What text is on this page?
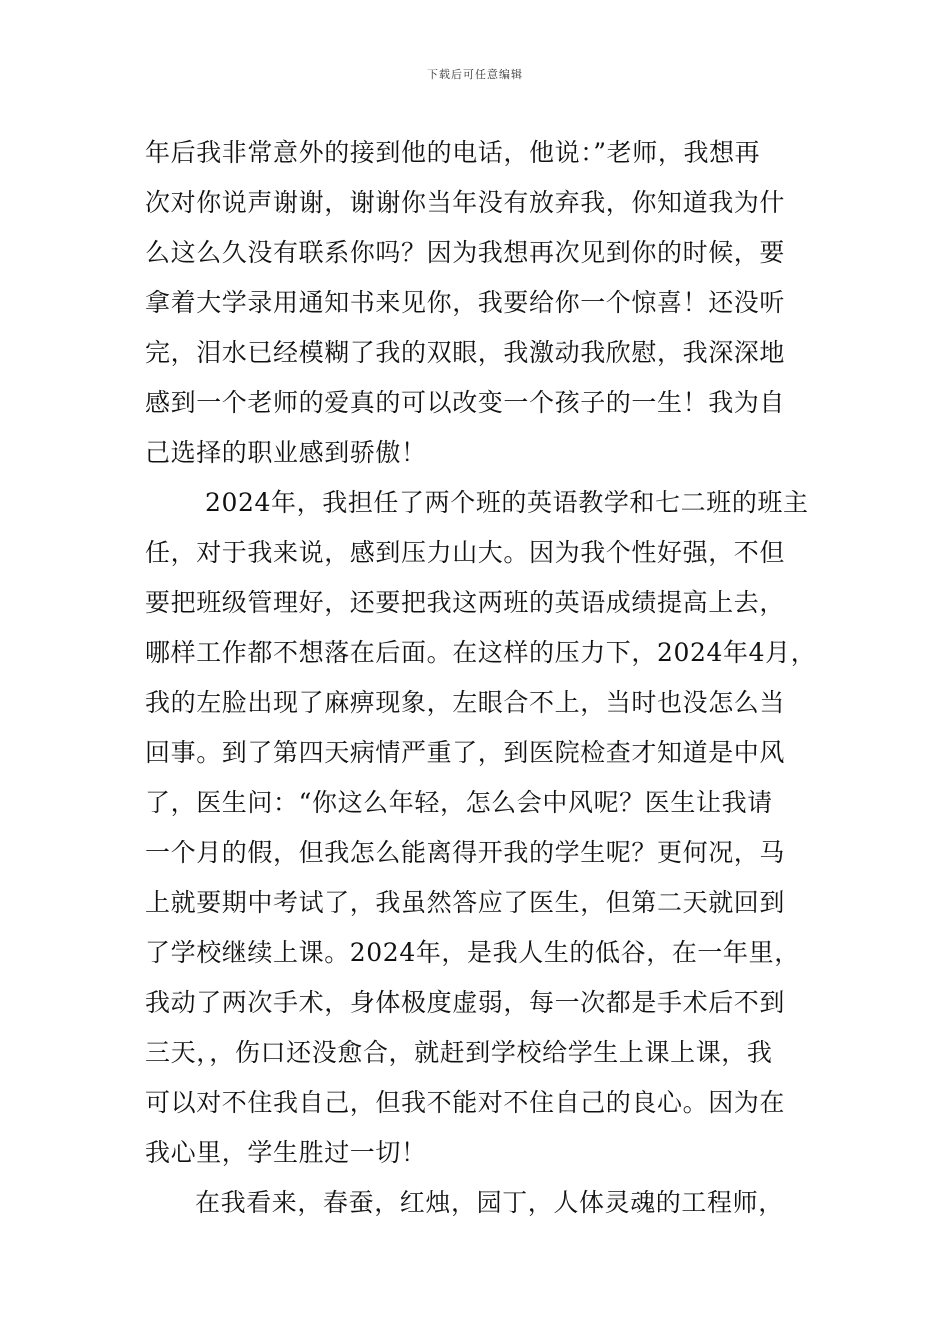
下载后可任意编辑
年后我非常意外的接到他的电话，他说：”老师，我想再
次对你说声谢谢，谢谢你当年没有放弃我，你知道我为什
么这么久没有联系你吗？因为我想再次见到你的时候，要
拿着大学录用通知书来见你，我要给你一个惊喜！还没听
完，泪水已经模糊了我的双眼，我激动我欣慰，我深深地
感到一个老师的爱真的可以改变一个孩子的一生！我为自
己选择的职业感到骄傲！
2024年，我担任了两个班的英语教学和七二班的班主
任，对于我来说，感到压力山大。因为我个性好强，不但
要把班级管理好，还要把我这两班的英语成绩提高上去，
哪样工作都不想落在后面。在这样的压力下，2024年4月，
我的左脸出现了麻痹现象，左眼合不上，当时也没怎么当
回事。到了第四天病情严重了，到医院检查才知道是中风
了，医生问：“你这么年轻，怎么会中风呢？医生让我请
一个月的假，但我怎么能离得开我的学生呢？更何况，马
上就要期中考试了，我虽然答应了医生，但第二天就回到
了学校继续上课。2024年，是我人生的低谷，在一年里，
我动了两次手术，身体极度虚弱，每一次都是手术后不到
三天，，伤口还没愈合，就赶到学校给学生上课上课，我
可以对不住我自己，但我不能对不住自己的良心。因为在
我心里，学生胜过一切！
在我看来，春蚕，红烛，园丁，人体灵魂的工程师，
